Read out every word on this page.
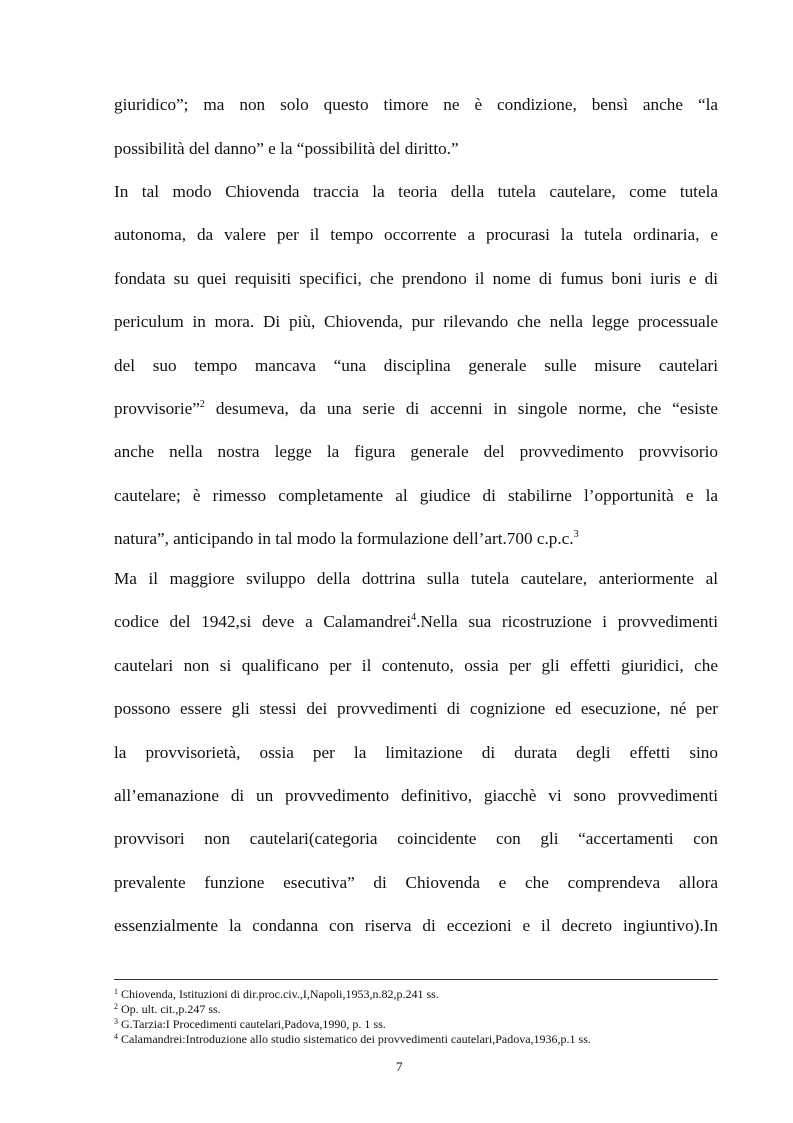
giuridico”; ma non solo questo timore ne è condizione, bensì anche “la
possibilità del danno” e la “possibilità del diritto.”
In tal modo Chiovenda traccia la teoria della tutela cautelare, come tutela
autonoma, da valere per il tempo occorrente a procurasi la tutela ordinaria, e
fondata su quei requisiti specifici, che prendono il nome di fumus boni iuris e di
periculum in mora. Di più, Chiovenda, pur rilevando che nella legge processuale
del suo tempo mancava “una disciplina generale sulle misure cautelari
provvisorie”$^2$ desumeva, da una serie di accenni in singole norme, che “esiste
anche nella nostra legge la figura generale del provvedimento provvisorio
cautelare; è rimesso completamente al giudice di stabilirne l’opportunità e la
natura”, anticipando in tal modo la formulazione dell’art.700 c.p.c.$^3$
Ma il maggiore sviluppo della dottrina sulla tutela cautelare, anteriormente al
codice del 1942,si deve a Calamandrei$^4$.Nella sua ricostruzione i provvedimenti
cautelari non si qualificano per il contenuto, ossia per gli effetti giuridici, che
possono essere gli stessi dei provvedimenti di cognizione ed esecuzione, né per
la provvisorietà, ossia per la limitazione di durata degli effetti sino
all’emanazione di un provvedimento definitivo, giacchè vi sono provvedimenti
provvisori non cautelari(categoria coincidente con gli “accertamenti con
prevalente funzione esecutiva” di Chiovenda e che comprendeva allora
essenzialmente la condanna con riserva di eccezioni e il decreto ingiuntivo).In
$^1$ Chiovenda, Istituzioni di dir.proc.civ.,I,Napoli,1953,n.82,p.241 ss.
$^2$ Op. ult. cit.,p.247 ss.
$^3$ G.Tarzia:I Procedimenti cautelari,Padova,1990, p. 1 ss.
$^4$ Calamandrei:Introduzione allo studio sistematico dei provvedimenti cautelari,Padova,1936,p.1 ss.
7
